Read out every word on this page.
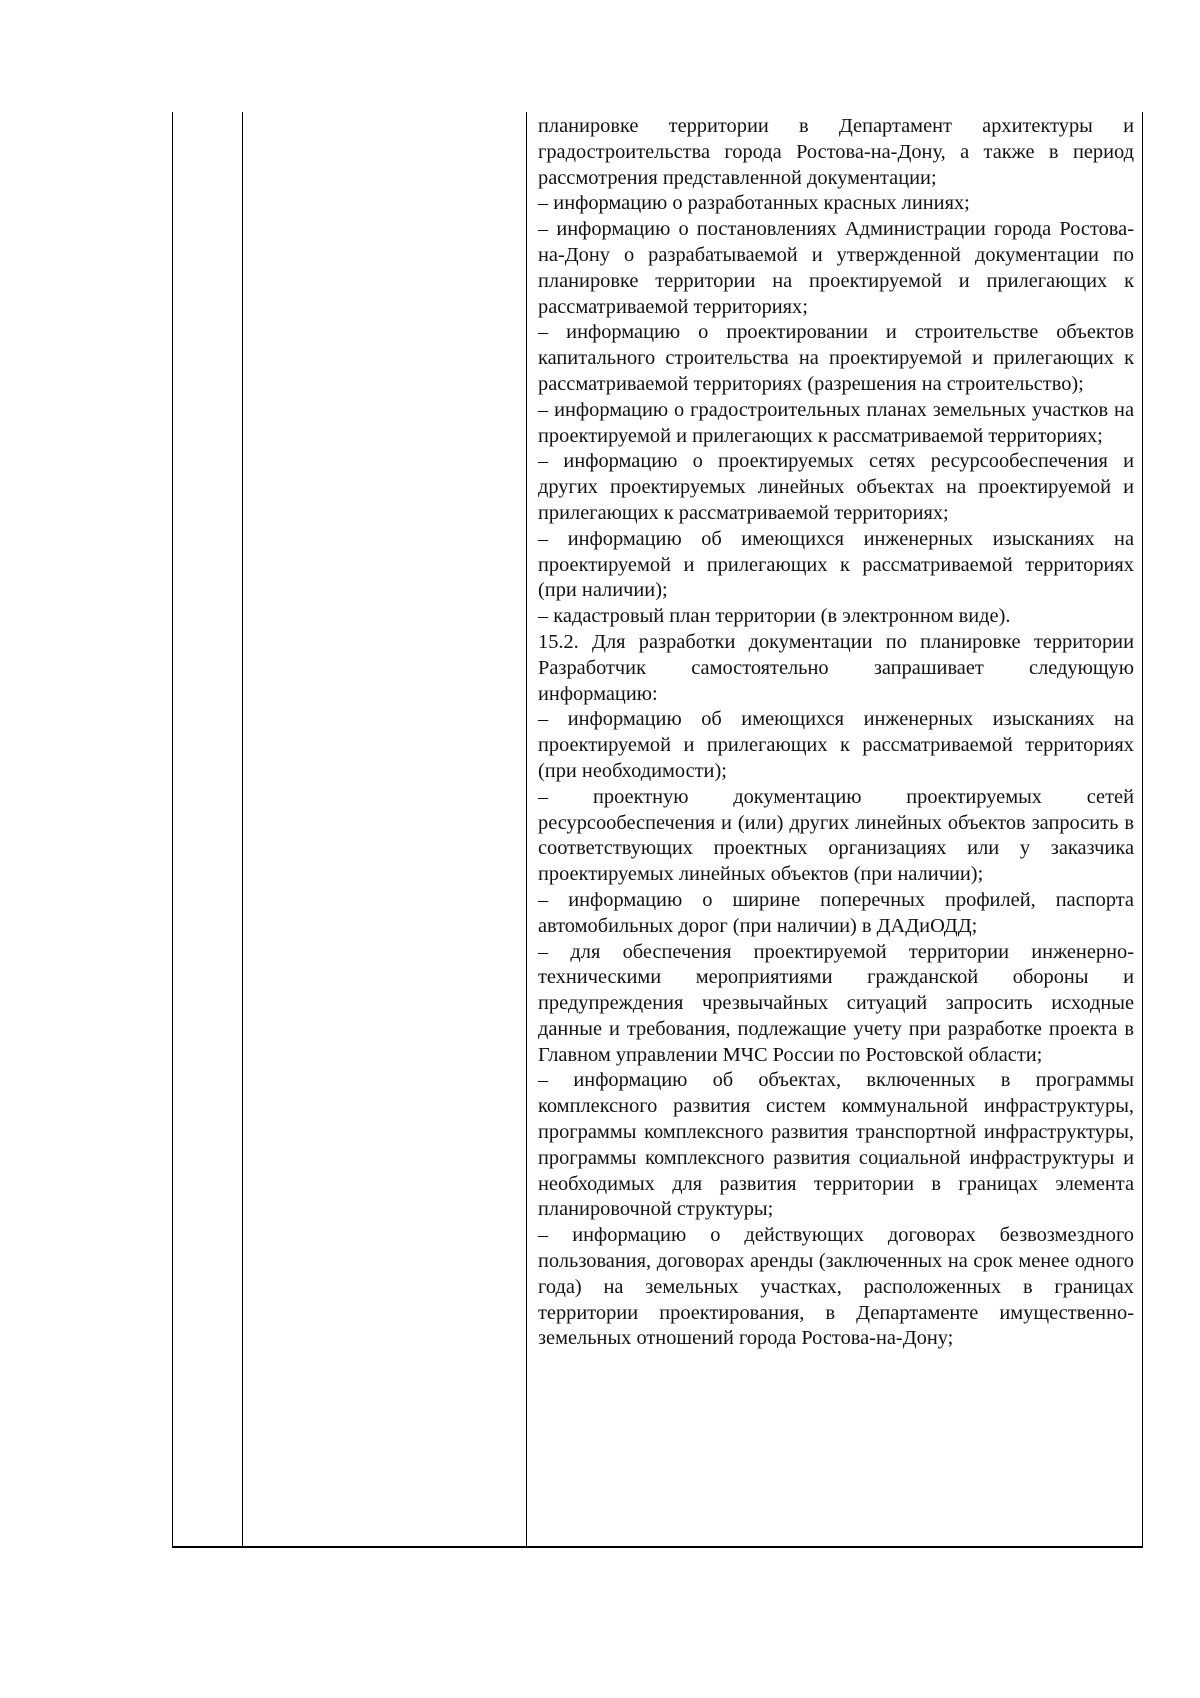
планировке территории в Департамент архитектуры и градостроительства города Ростова-на-Дону, а также в период рассмотрения представленной документации;

– информацию о разработанных красных линиях;

– информацию о постановлениях Администрации города Ростова-на-Дону о разрабатываемой и утвержденной документации по планировке территории на проектируемой и прилегающих к рассматриваемой территориях;

– информацию о проектировании и строительстве объектов капитального строительства на проектируемой и прилегающих к рассматриваемой территориях (разрешения на строительство);

– информацию о градостроительных планах земельных участков на проектируемой и прилегающих к рассматриваемой территориях;

– информацию о проектируемых сетях ресурсообеспечения и других проектируемых линейных объектах на проектируемой и прилегающих к рассматриваемой территориях;

– информацию об имеющихся инженерных изысканиях на проектируемой и прилегающих к рассматриваемой территориях (при наличии);

– кадастровый план территории (в электронном виде).

15.2. Для разработки документации по планировке территории Разработчик самостоятельно запрашивает следующую информацию:

– информацию об имеющихся инженерных изысканиях на проектируемой и прилегающих к рассматриваемой территориях (при необходимости);

– проектную документацию проектируемых сетей ресурсообеспечения и (или) других линейных объектов запросить в соответствующих проектных организациях или у заказчика проектируемых линейных объектов (при наличии);

– информацию о ширине поперечных профилей, паспорта автомобильных дорог (при наличии) в ДАДиОДД;

– для обеспечения проектируемой территории инженерно-техническими мероприятиями гражданской обороны и предупреждения чрезвычайных ситуаций запросить исходные данные и требования, подлежащие учету при разработке проекта в Главном управлении МЧС России по Ростовской области;

– информацию об объектах, включенных в программы комплексного развития систем коммунальной инфраструктуры, программы комплексного развития транспортной инфраструктуры, программы комплексного развития социальной инфраструктуры и необходимых для развития территории в границах элемента планировочной структуры;

– информацию о действующих договорах безвозмездного пользования, договорах аренды (заключенных на срок менее одного года) на земельных участках, расположенных в границах территории проектирования, в Департаменте имущественно-земельных отношений города Ростова-на-Дону;
